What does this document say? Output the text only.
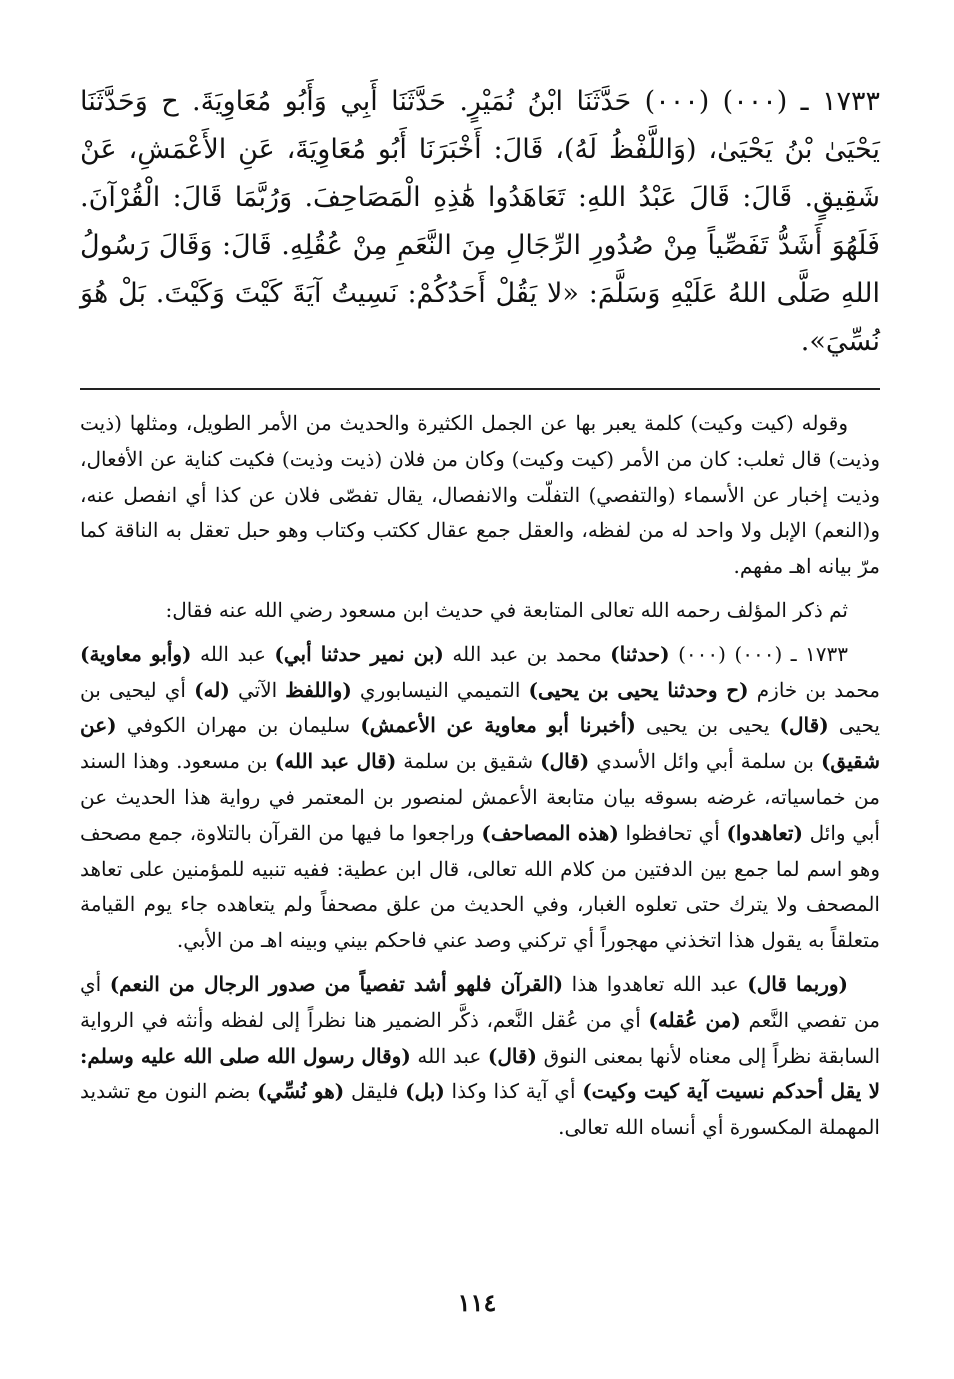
١٧٣٣ ـ (٠٠٠) (٠٠٠) حَدَّثَنَا ابْنُ نُمَيْرٍ. حَدَّثَنَا أَبِي وَأَبُو مُعَاوِيَةَ. ح وَحَدَّثَنَا يَحْيَىٰ بْنُ يَحْيَىٰ، (وَاللَّفْظُ لَهُ)، قَالَ: أَخْبَرَنَا أَبُو مُعَاوِيَةَ، عَنِ الأَعْمَشِ، عَنْ شَقِيقٍ. قَالَ: قَالَ عَبْدُ اللهِ: تَعَاهَدُوا هَٰذِهِ الْمَصَاحِفَ. وَرُبَّمَا قَالَ: الْقُرْآنَ. فَلَهُوَ أَشَدُّ تَفَصِّياً مِنْ صُدُورِ الرِّجَالِ مِنَ النَّعَمِ مِنْ عُقُلِهِ. قَالَ: وَقَالَ رَسُولُ اللهِ صَلَّى اللهُ عَلَيْهِ وَسَلَّمَ: «لا يَقُلْ أَحَدُكُمْ: نَسِيتُ آيَةَ كَيْتَ وَكَيْتَ. بَلْ هُوَ نُسِّيَ».

وقوله (كيت وكيت) كلمة يعبر بها عن الجمل الكثيرة والحديث من الأمر الطويل، ومثلها (ذيت وذيت) قال ثعلب: كان من الأمر (كيت وكيت) وكان من فلان (ذيت وذيت) فكيت كناية عن الأفعال، وذيت إخبار عن الأسماء (والتفصي) التفلّت والانفصال، يقال تفصّى فلان عن كذا أي انفصل عنه، و(النعم) الإبل ولا واحد له من لفظه، والعقل جمع عقال ككتب وكتاب وهو حبل تعقل به الناقة كما مرّ بيانه اهـ مفهم.

ثم ذكر المؤلف رحمه الله تعالى المتابعة في حديث ابن مسعود رضي الله عنه فقال:

١٧٣٣ ـ (٠٠٠) (٠٠٠) (حدثنا) محمد بن عبد الله (بن نمير حدثنا أبي) عبد الله (وأبو معاوية) محمد بن خازم (ح وحدثنا يحيى بن يحيى) التميمي النيسابوري (واللفظ الآتي (له) أي ليحيى بن يحيى (قال) يحيى بن يحيى (أخبرنا أبو معاوية عن الأعمش) سليمان بن مهران الكوفي (عن شقيق) بن سلمة أبي وائل الأسدي (قال) شقيق بن سلمة (قال عبد الله) بن مسعود. وهذا السند من خماسياته، غرضه بسوقه بيان متابعة الأعمش لمنصور بن المعتمر في رواية هذا الحديث عن أبي وائل (تعاهدوا) أي تحافظوا (هذه المصاحف) وراجعوا ما فيها من القرآن بالتلاوة، جمع مصحف وهو اسم لما جمع بين الدفتين من كلام الله تعالى، قال ابن عطية: ففيه تنبيه للمؤمنين على تعاهد المصحف ولا يترك حتى تعلوه الغبار، وفي الحديث من علق مصحفاً ولم يتعاهده جاء يوم القيامة متعلقاً به يقول هذا اتخذني مهجوراً أي تركني وصد عني فاحكم بيني وبينه اهـ من الأبي.

(وربما قال) عبد الله تعاهدوا هذا (القرآن فلهو أشد تفصياً من صدور الرجال من النعم) أي من تفصي النَّعم (من عُقله) أي من عُقل النَّعم، ذكَّر الضمير هنا نظراً إلى لفظه وأنثه في الرواية السابقة نظراً إلى معناه لأنها بمعنى النوق (قال) عبد الله (وقال رسول الله صلى الله عليه وسلم: لا يقل أحدكم نسيت آية كيت وكيت) أي آية كذا وكذا (بل) فليقل (هو نُسِّي) بضم النون مع تشديد المهملة المكسورة أي أنساه الله تعالى.

١١٤
